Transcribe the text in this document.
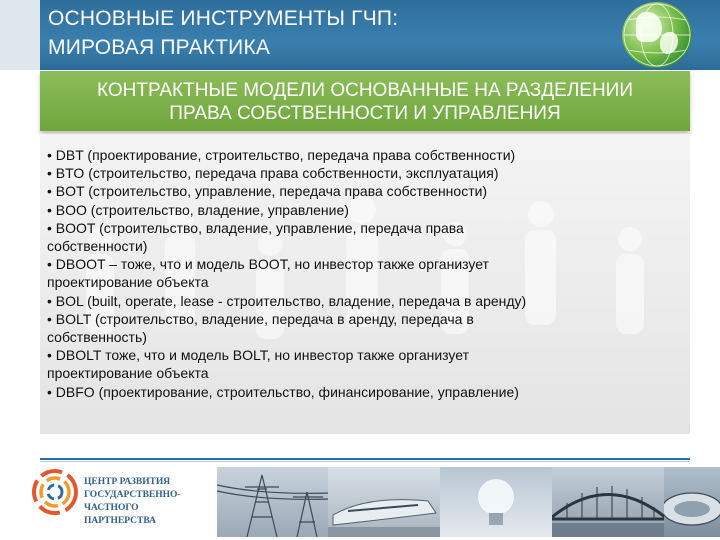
ОСНОВНЫЕ ИНСТРУМЕНТЫ ГЧП:
МИРОВАЯ ПРАКТИКА
КОНТРАКТНЫЕ МОДЕЛИ ОСНОВАННЫЕ НА РАЗДЕЛЕНИИ
ПРАВА СОБСТВЕННОСТИ И УПРАВЛЕНИЯ
• DBT (проектирование, строительство, передача права собственности)
• BTO (строительство, передача права собственности, эксплуатация)
• BOT (строительство, управление, передача права собственности)
• BOO (строительство, владение, управление)
• BOOT (строительство, владение, управление, передача права
собственности)
• DBOOT – тоже, что и модель BOOT, но инвестор также организует
проектирование объекта
• BOL (built, operate, lease - строительство, владение, передача в аренду)
• BOLT (строительство, владение, передача в аренду, передача в
собственность)
• DBOLT тоже, что и модель BOLT, но инвестор также организует
проектирование объекта
• DBFO (проектирование, строительство, финансирование, управление)
ЦЕНТР РАЗВИТИЯ
ГОСУДАРСТВЕННО-ЧАСТНОГО
ПАРТНЕРСТВА
